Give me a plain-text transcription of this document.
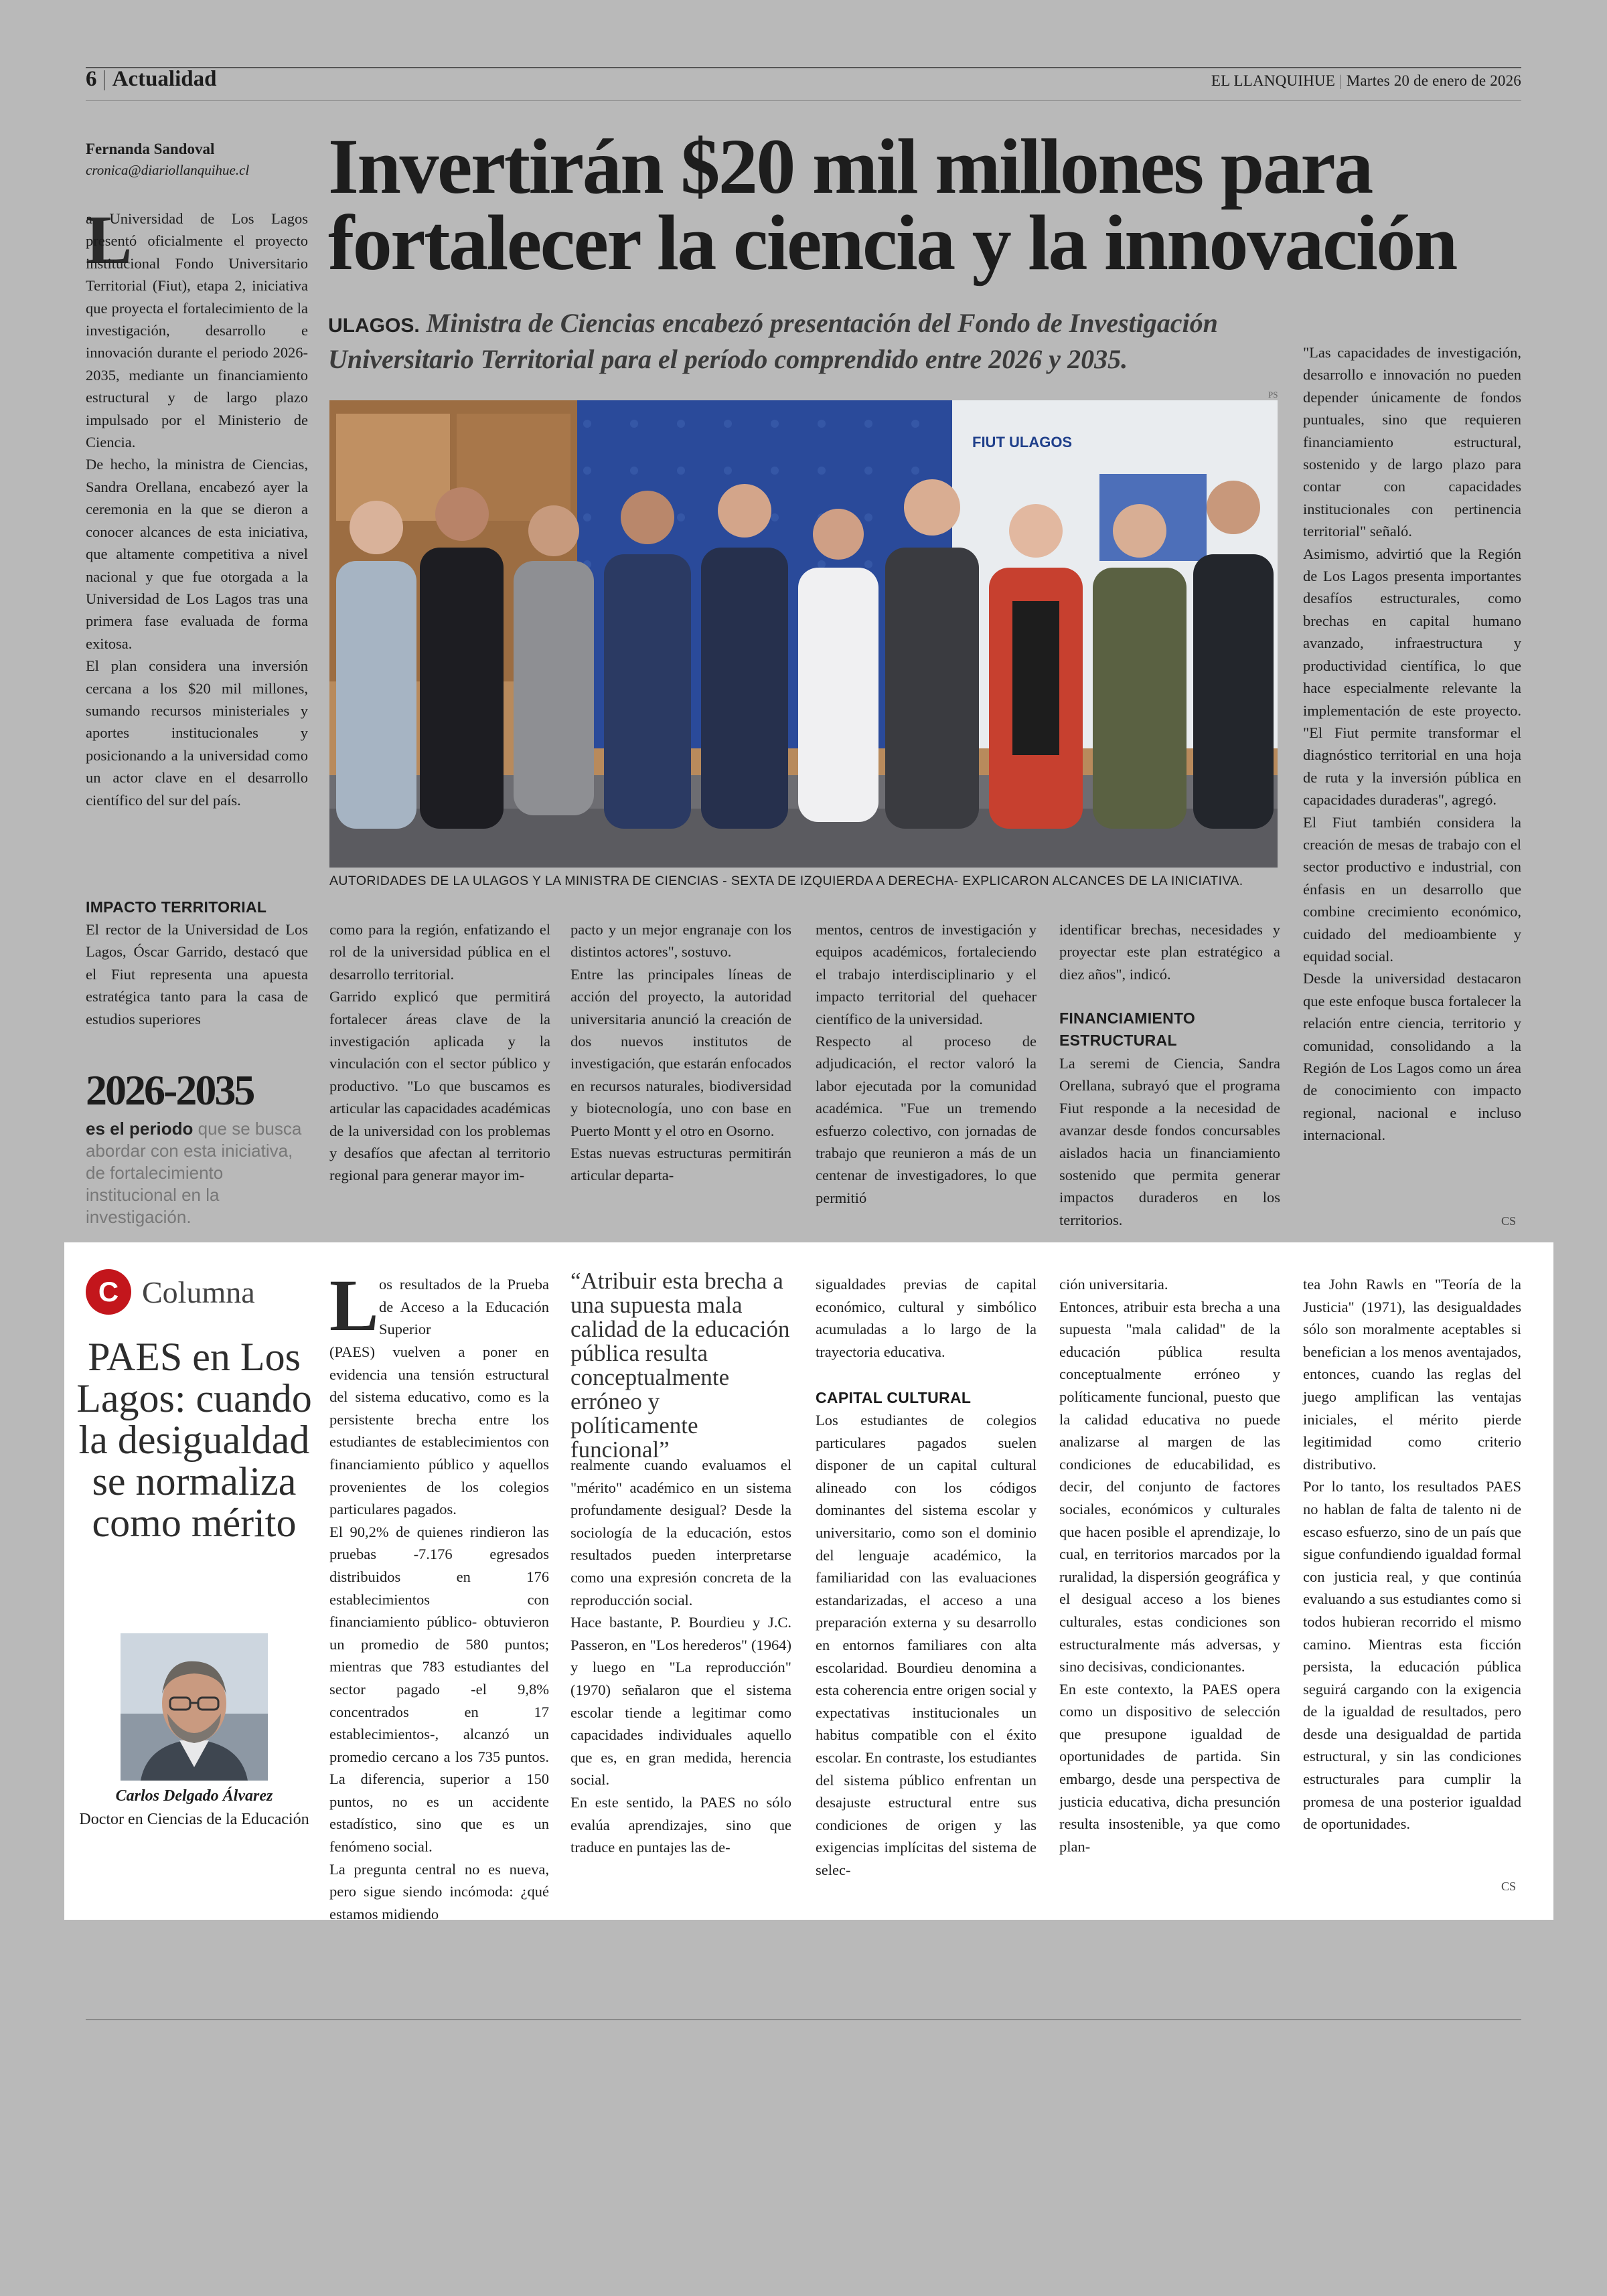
6 | Actualidad	EL LLANQUIHUE | Martes 20 de enero de 2026
Fernanda Sandoval
cronica@diariollanquihue.cl Invertirán $20 mil millones para fortalecer la ciencia y la innovación
ULAGOS. Ministra de Ciencias encabezó presentación del Fondo de Investigación Universitario Territorial para el período comprendido entre 2026 y 2035.
PS
FIUT ULAGOS
AUTORIDADES DE LA ULAGOS Y LA MINISTRA DE CIENCIAS - SEXTA DE IZQUIERDA A DERECHA- EXPLICARON ALCANCES DE LA INICIATIVA.
L
a Universidad de Los Lagos presentó oficialmente el proyecto institucional Fondo Universitario Territorial (Fiut), etapa 2, iniciativa que proyecta el fortalecimiento de la investigación, desarrollo e innovación durante el periodo 2026-2035, mediante un financiamiento estructural y de largo plazo impulsado por el Ministerio de Ciencia.
De hecho, la ministra de Ciencias, Sandra Orellana, encabezó ayer la ceremonia en la que se dieron a conocer alcances de esta iniciativa, que altamente competitiva a nivel nacional y que fue otorgada a la Universidad de Los Lagos tras una primera fase evaluada de forma exitosa.
El plan considera una inversión cercana a los $20 mil millones, sumando recursos ministeriales y aportes institucionales y posicionando a la universidad como un actor clave en el desarrollo científico del sur del país.
IMPACTO TERRITORIAL
El rector de la Universidad de Los Lagos, Óscar Garrido, destacó que el Fiut representa una apuesta estratégica tanto para la casa de estudios superiores
2026-2035
es el periodo que se busca abordar con esta iniciativa, de fortalecimiento institucional en la investigación.
como para la región, enfatizando el rol de la universidad pública en el desarrollo territorial.
Garrido explicó que permitirá fortalecer áreas clave de la investigación aplicada y la vinculación con el sector público y productivo. "Lo que buscamos es articular las capacidades académicas de la universidad con los problemas y desafíos que afectan al territorio regional para generar mayor im-
pacto y un mejor engranaje con los distintos actores", sostuvo.
Entre las principales líneas de acción del proyecto, la autoridad universitaria anunció la creación de dos nuevos institutos de investigación, que estarán enfocados en recursos naturales, biodiversidad y biotecnología, uno con base en Puerto Montt y el otro en Osorno.
Estas nuevas estructuras permitirán articular departa-
mentos, centros de investigación y equipos académicos, fortaleciendo el trabajo interdisciplinario y el impacto territorial del quehacer científico de la universidad.
Respecto al proceso de adjudicación, el rector valoró la labor ejecutada por la comunidad académica. "Fue un tremendo esfuerzo colectivo, con jornadas de trabajo que reunieron a más de un centenar de investigadores, lo que permitió
identificar brechas, necesidades y proyectar este plan estratégico a diez años", indicó.
FINANCIAMIENTO ESTRUCTURAL
La seremi de Ciencia, Sandra Orellana, subrayó que el programa Fiut responde a la necesidad de avanzar desde fondos concursables aislados hacia un financiamiento sostenido que permita generar impactos duraderos en los territorios.
"Las capacidades de investigación, desarrollo e innovación no pueden depender únicamente de fondos puntuales, sino que requieren financiamiento estructural, sostenido y de largo plazo para contar con capacidades institucionales con pertinencia territorial" señaló.
Asimismo, advirtió que la Región de Los Lagos presenta importantes desafíos estructurales, como brechas en capital humano avanzado, infraestructura y productividad científica, lo que hace especialmente relevante la implementación de este proyecto. "El Fiut permite transformar el diagnóstico territorial en una hoja de ruta y la inversión pública en capacidades duraderas", agregó.
El Fiut también considera la creación de mesas de trabajo con el sector productivo e industrial, con énfasis en un desarrollo que combine crecimiento económico, cuidado del medioambiente y equidad social.
Desde la universidad destacaron que este enfoque busca fortalecer la relación entre ciencia, territorio y comunidad, consolidando a la Región de Los Lagos como un área de conocimiento con impacto regional, nacional e incluso internacional.
CS
C Columna
PAES en Los Lagos: cuando la desigualdad se normaliza como mérito
Carlos Delgado Álvarez
Doctor en Ciencias de la Educación
L os resultados de la Prueba de Acceso a la Educación Superior
(PAES) vuelven a poner en evidencia una tensión estructural del sistema educativo, como es la persistente brecha entre los estudiantes de establecimientos con financiamiento público y aquellos provenientes de los colegios particulares pagados.
El 90,2% de quienes rindieron las pruebas -7.176 egresados distribuidos en 176 establecimientos con financiamiento público- obtuvieron un promedio de 580 puntos; mientras que 783 estudiantes del sector pagado -el 9,8% concentrados en 17 establecimientos-, alcanzó un promedio cercano a los 735 puntos. La diferencia, superior a 150 puntos, no es un accidente estadístico, sino que es un fenómeno social.
La pregunta central no es nueva, pero sigue siendo incómoda: ¿qué estamos midiendo
“Atribuir esta brecha a una supuesta mala calidad de la educación pública resulta conceptualmente erróneo y políticamente funcional”
realmente cuando evaluamos el "mérito" académico en un sistema profundamente desigual? Desde la sociología de la educación, estos resultados pueden interpretarse como una expresión concreta de la reproducción social.
Hace bastante, P. Bourdieu y J.C. Passeron, en "Los herederos" (1964) y luego en "La reproducción" (1970) señalaron que el sistema escolar tiende a legitimar como capacidades individuales aquello que es, en gran medida, herencia social.
En este sentido, la PAES no sólo evalúa aprendizajes, sino que traduce en puntajes las de-
sigualdades previas de capital económico, cultural y simbólico acumuladas a lo largo de la trayectoria educativa.
CAPITAL CULTURAL
Los estudiantes de colegios particulares pagados suelen disponer de un capital cultural alineado con los códigos dominantes del sistema escolar y universitario, como son el dominio del lenguaje académico, la familiaridad con las evaluaciones estandarizadas, el acceso a una preparación externa y su desarrollo en entornos familiares con alta escolaridad. Bourdieu denomina a esta coherencia entre origen social y expectativas institucionales un habitus compatible con el éxito escolar. En contraste, los estudiantes del sistema público enfrentan un desajuste estructural entre sus condiciones de origen y las exigencias implícitas del sistema de selec-
ción universitaria.
Entonces, atribuir esta brecha a una supuesta "mala calidad" de la educación pública resulta conceptualmente erróneo y políticamente funcional, puesto que la calidad educativa no puede analizarse al margen de las condiciones de educabilidad, es decir, del conjunto de factores sociales, económicos y culturales que hacen posible el aprendizaje, lo cual, en territorios marcados por la ruralidad, la dispersión geográfica y el desigual acceso a los bienes culturales, estas condiciones son estructuralmente más adversas, y sino decisivas, condicionantes.
En este contexto, la PAES opera como un dispositivo de selección que presupone igualdad de oportunidades de partida. Sin embargo, desde una perspectiva de justicia educativa, dicha presunción resulta insostenible, ya que como plan-
tea John Rawls en "Teoría de la Justicia" (1971), las desigualdades sólo son moralmente aceptables si benefician a los menos aventajados, entonces, cuando las reglas del juego amplifican las ventajas iniciales, el mérito pierde legitimidad como criterio distributivo.
Por lo tanto, los resultados PAES no hablan de falta de talento ni de escaso esfuerzo, sino de un país que sigue confundiendo igualdad formal con justicia real, y que continúa evaluando a sus estudiantes como si todos hubieran recorrido el mismo camino. Mientras esta ficción persista, la educación pública seguirá cargando con la exigencia de la igualdad de resultados, pero desde una desigualdad de partida estructural, y sin las condiciones estructurales para cumplir la promesa de una posterior igualdad de oportunidades.
CS
